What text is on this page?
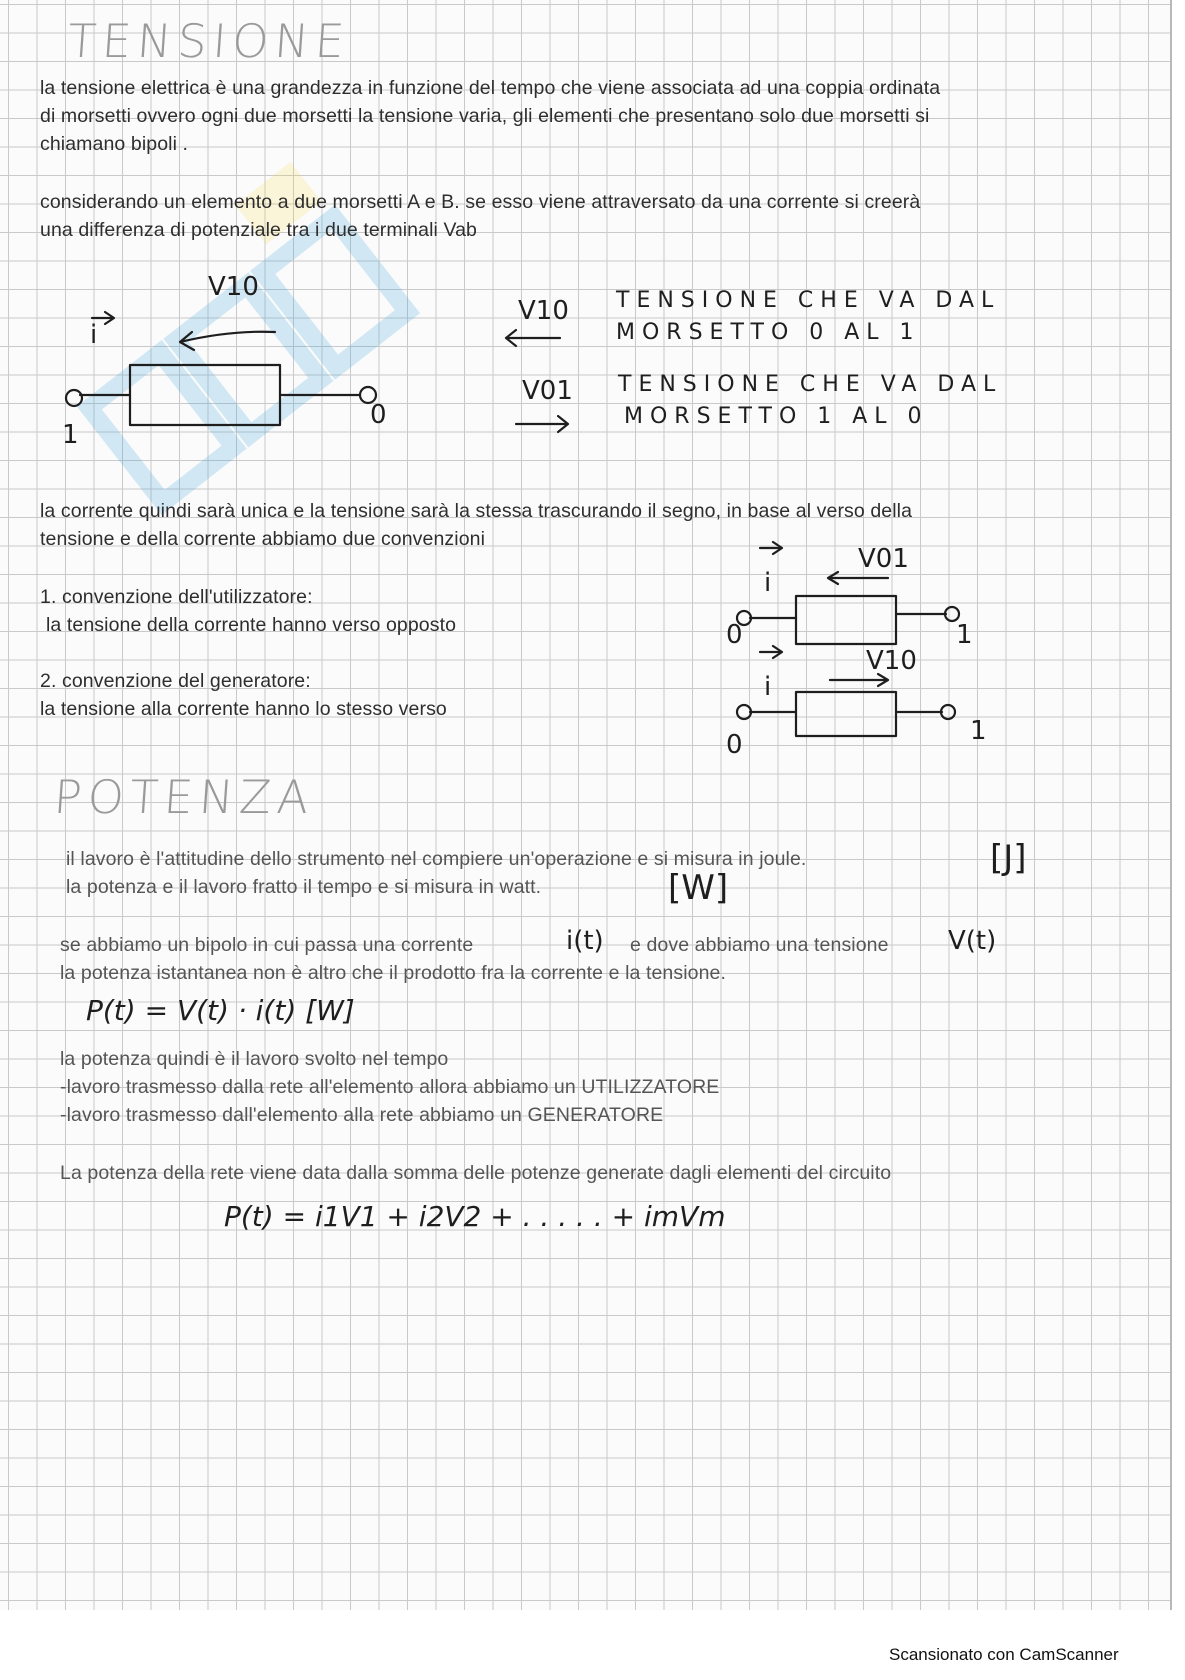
TENSIONE
la tensione elettrica è una grandezza in funzione del tempo che viene associata ad una coppia ordinata
di morsetti ovvero ogni due morsetti la tensione varia, gli elementi che presentano solo due morsetti si
chiamano bipoli .
considerando un elemento a due morsetti A e B. se esso viene attraversato da una corrente si creerà
una differenza di potenziale tra i due terminali Vab
V10
i
1
0
V10 TENSIONE CHE VA DAL
MORSETTO 0 AL 1
V01 TENSIONE CHE VA DAL
MORSETTO 1 AL 0
la corrente quindi sarà unica e la tensione sarà la stessa trascurando il segno, in base al verso della
tensione e della corrente abbiamo due convenzioni
1. convenzione dell'utilizzatore:
la tensione della corrente hanno verso opposto
2. convenzione del generatore:
la tensione alla corrente hanno lo stesso verso
V01
V10
i
i
0	1
0	1
POTENZA
il lavoro è l'attitudine dello strumento nel compiere un'operazione e si misura in joule.	[J]
la potenza e il lavoro fratto il tempo e si misura in watt.	[W]
se abbiamo un bipolo in cui passa una corrente	i(t) e dove abbiamo una tensione V(t)
la potenza istantanea non è altro che il prodotto fra la corrente e la tensione.
P(t) = V(t) · i(t) [W]
la potenza quindi è il lavoro svolto nel tempo
-lavoro trasmesso dalla rete all'elemento allora abbiamo un UTILIZZATORE
-lavoro trasmesso dall'elemento alla rete abbiamo un GENERATORE
La potenza della rete viene data dalla somma delle potenze generate dagli elementi del circuito
P(t) = i1V1 + i2V2 + . . . . . + imVm
Scansionato con CamScanner
